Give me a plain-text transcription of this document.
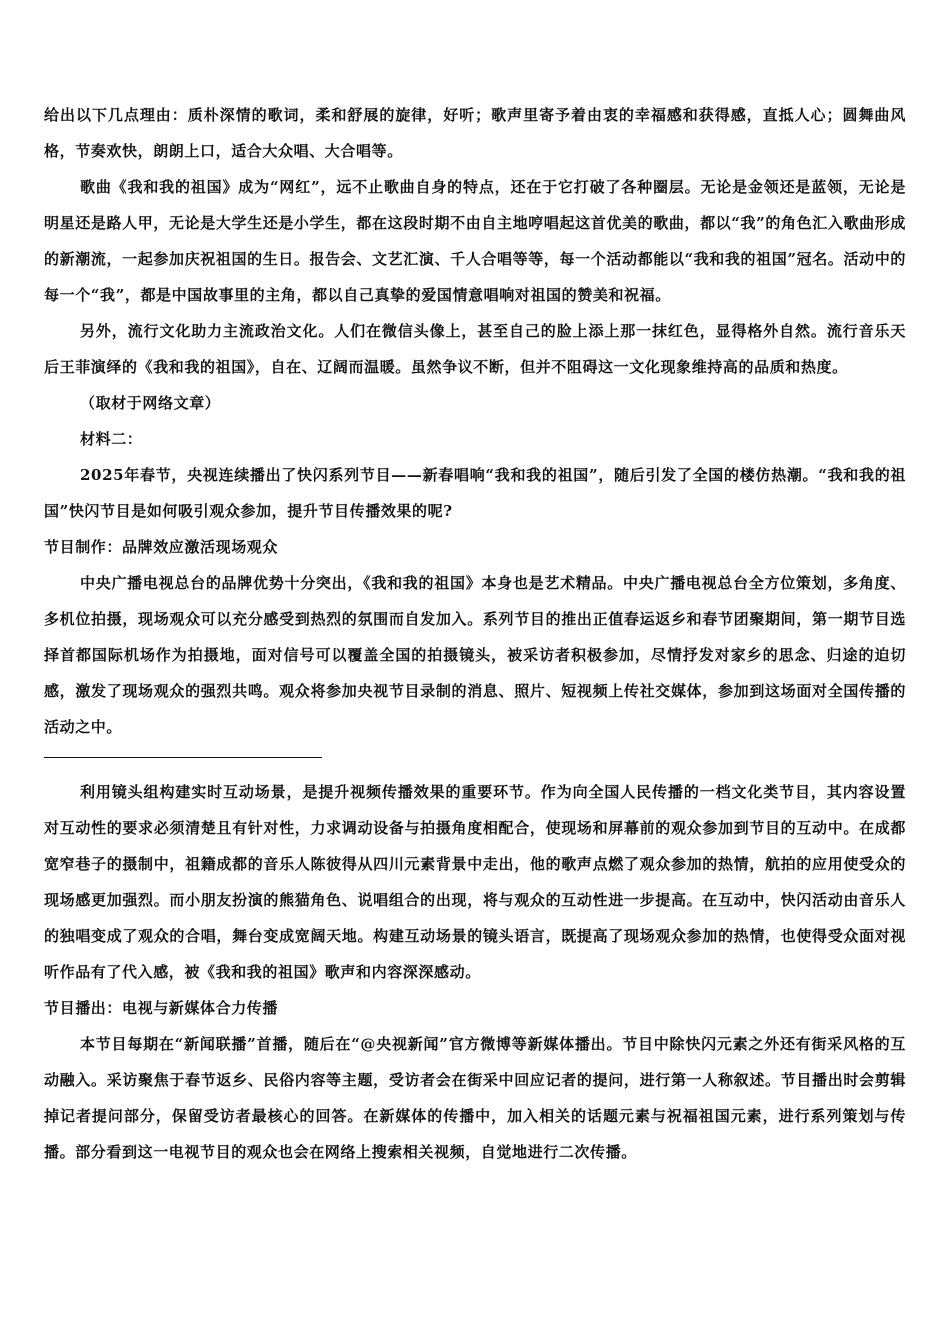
给出以下几点理由：质朴深情的歌词，柔和舒展的旋律，好听；歌声里寄予着由衷的幸福感和获得感，直抵人心；圆舞曲风格，节奏欢快，朗朗上口，适合大众唱、大合唱等。

歌曲《我和我的祖国》成为“网红”，远不止歌曲自身的特点，还在于它打破了各种圈层。无论是金领还是蓝领，无论是明星还是路人甲，无论是大学生还是小学生，都在这段时期不由自主地哼唱起这首优美的歌曲，都以“我”的角色汇入歌曲形成的新潮流，一起参加庆祝祖国的生日。报告会、文艺汇演、千人合唱等等，每一个活动都能以“我和我的祖国”冠名。活动中的每一个“我”，都是中国故事里的主角，都以自己真挚的爱国情意唱响对祖国的赞美和祝福。

另外，流行文化助力主流政治文化。人们在微信头像上，甚至自己的脸上添上那一抹红色，显得格外自然。流行音乐天后王菲演绎的《我和我的祖国》，自在、辽阔而温暖。虽然争议不断，但并不阻碍这一文化现象维持高的品质和热度。

（取材于网络文章）

材料二：

2025年春节，央视连续播出了快闪系列节目——新春唱响“我和我的祖国”，随后引发了全国的楼仿热潮。“我和我的祖国”快闪节目是如何吸引观众参加，提升节目传播效果的呢?

节目制作：品牌效应激活现场观众

中央广播电视总台的品牌优势十分突出，《我和我的祖国》本身也是艺术精品。中央广播电视总台全方位策划，多角度、多机位拍摄，现场观众可以充分感受到热烈的氛围而自发加入。系列节目的推出正值春运返乡和春节团聚期间，第一期节目选择首都国际机场作为拍摄地，面对信号可以覆盖全国的拍摄镜头，被采访者积极参加，尽情抒发对家乡的思念、归途的迫切感，激发了现场观众的强烈共鸣。观众将参加央视节目录制的消息、照片、短视频上传社交媒体，参加到这场面对全国传播的活动之中。

利用镜头组构建实时互动场景，是提升视频传播效果的重要环节。作为向全国人民传播的一档文化类节目，其内容设置对互动性的要求必须清楚且有针对性，力求调动设备与拍摄角度相配合，使现场和屏幕前的观众参加到节目的互动中。在成都宽窄巷子的摄制中，祖籍成都的音乐人陈彼得从四川元素背景中走出，他的歌声点燃了观众参加的热情，航拍的应用使受众的现场感更加强烈。而小朋友扮演的熊猫角色、说唱组合的出现，将与观众的互动性进一步提高。在互动中，快闪活动由音乐人的独唱变成了观众的合唱，舞台变成宽阔天地。构建互动场景的镜头语言，既提高了现场观众参加的热情，也使得受众面对视听作品有了代入感，被《我和我的祖国》歌声和内容深深感动。

节目播出：电视与新媒体合力传播

本节目每期在“新闻联播”首播，随后在“@央视新闻”官方微博等新媒体播出。节目中除快闪元素之外还有街采风格的互动融入。采访聚焦于春节返乡、民俗内容等主题，受访者会在街采中回应记者的提问，进行第一人称叙述。节目播出时会剪辑掉记者提问部分，保留受访者最核心的回答。在新媒体的传播中，加入相关的话题元素与祝福祖国元素，进行系列策划与传播。部分看到这一电视节目的观众也会在网络上搜索相关视频，自觉地进行二次传播。
